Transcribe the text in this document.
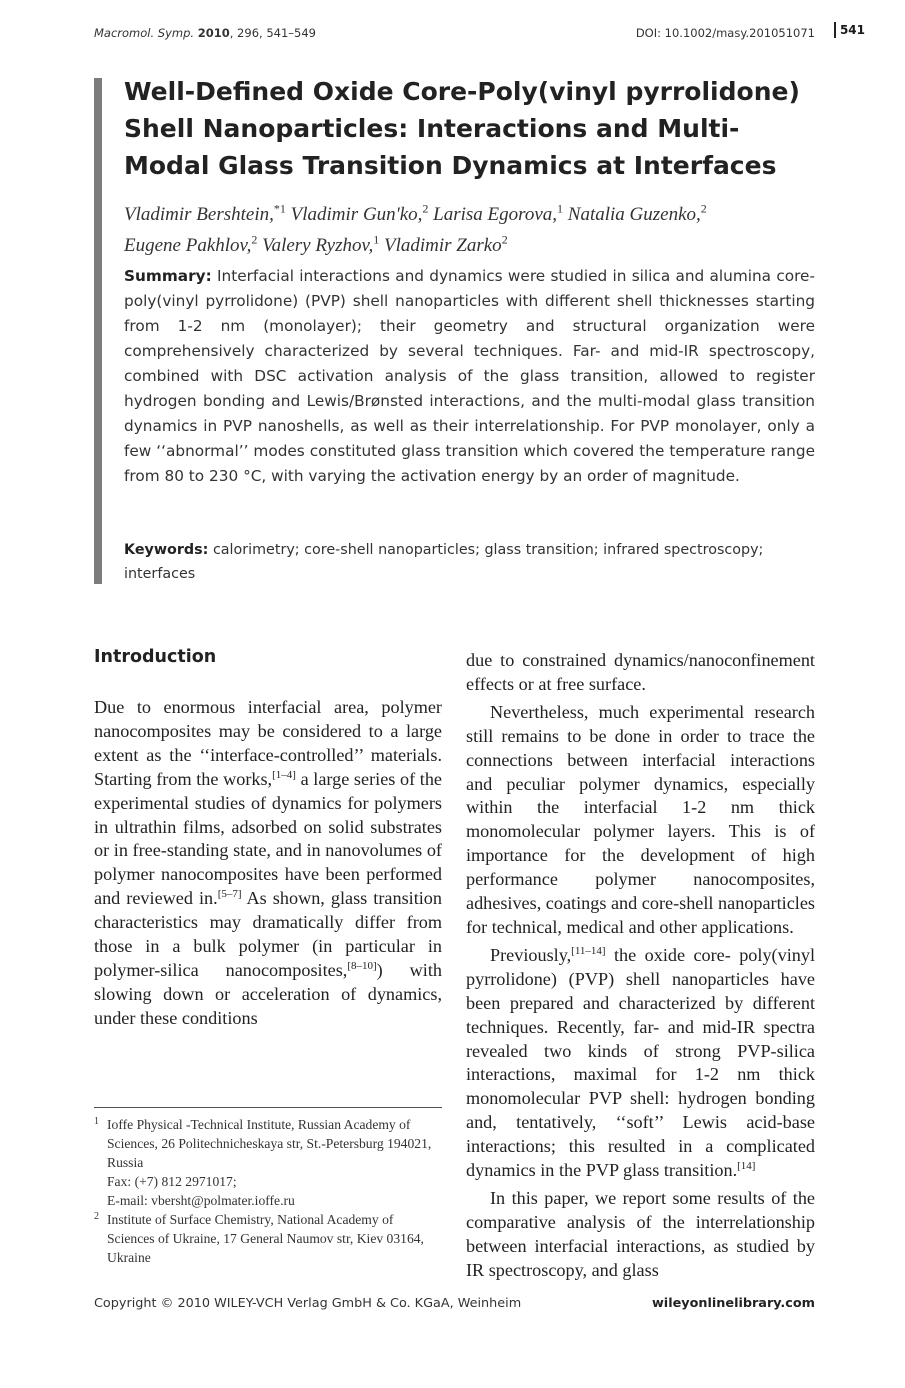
Macromol. Symp. 2010, 296, 541–549	DOI: 10.1002/masy.201051071	541
Well-Defined Oxide Core-Poly(vinyl pyrrolidone) Shell Nanoparticles: Interactions and Multi-Modal Glass Transition Dynamics at Interfaces
Vladimir Bershtein,$^{*1}$ Vladimir Gun'ko,$^2$ Larisa Egorova,$^1$ Natalia Guzenko,$^2$
Eugene Pakhlov,$^2$ Valery Ryzhov,$^1$ Vladimir Zarko$^2$
Summary: Interfacial interactions and dynamics were studied in silica and alumina core-poly(vinyl pyrrolidone) (PVP) shell nanoparticles with different shell thicknesses starting from 1-2 nm (monolayer); their geometry and structural organization were comprehensively characterized by several techniques. Far- and mid-IR spectroscopy, combined with DSC activation analysis of the glass transition, allowed to register hydrogen bonding and Lewis/Brønsted interactions, and the multi-modal glass transition dynamics in PVP nanoshells, as well as their interrelationship. For PVP monolayer, only a few ‘‘abnormal’’ modes constituted glass transition which covered the temperature range from 80 to 230 °C, with varying the activation energy by an order of magnitude.
Keywords: calorimetry; core-shell nanoparticles; glass transition; infrared spectroscopy; interfaces
Introduction

Due to enormous interfacial area, polymer nanocomposites may be considered to a large extent as the ‘‘interface-controlled’’ materials. Starting from the works,[1–4] a large series of the experimental studies of dynamics for polymers in ultrathin films, adsorbed on solid substrates or in free-standing state, and in nanovolumes of polymer nanocomposites have been performed and reviewed in.[5–7] As shown, glass transition characteristics may dramatically differ from those in a bulk polymer (in particular in polymer-silica nanocomposites,[8–10]) with slowing down or acceleration of dynamics, under these conditions

due to constrained dynamics/nanoconfinement effects or at free surface.

Nevertheless, much experimental research still remains to be done in order to trace the connections between interfacial interactions and peculiar polymer dynamics, especially within the interfacial 1-2 nm thick monomolecular polymer layers. This is of importance for the development of high performance polymer nanocomposites, adhesives, coatings and core-shell nanoparticles for technical, medical and other applications.

Previously,[11–14] the oxide core- poly(vinyl pyrrolidone) (PVP) shell nanoparticles have been prepared and characterized by different techniques. Recently, far- and mid-IR spectra revealed two kinds of strong PVP-silica interactions, maximal for 1-2 nm thick monomolecular PVP shell: hydrogen bonding and, tentatively, ‘‘soft’’ Lewis acid-base interactions; this resulted in a complicated dynamics in the PVP glass transition.[14]

In this paper, we report some results of the comparative analysis of the interrelationship between interfacial interactions, as studied by IR spectroscopy, and glass

1 Ioffe Physical -Technical Institute, Russian Academy of Sciences, 26 Politechnicheskaya str, St.-Petersburg 194021, Russia
Fax: (+7) 812 2971017;
E-mail: vbersht@polmater.ioffe.ru
2 Institute of Surface Chemistry, National Academy of Sciences of Ukraine, 17 General Naumov str, Kiev 03164, Ukraine
Copyright © 2010 WILEY-VCH Verlag GmbH & Co. KGaA, Weinheim	wileyonlinelibrary.com
